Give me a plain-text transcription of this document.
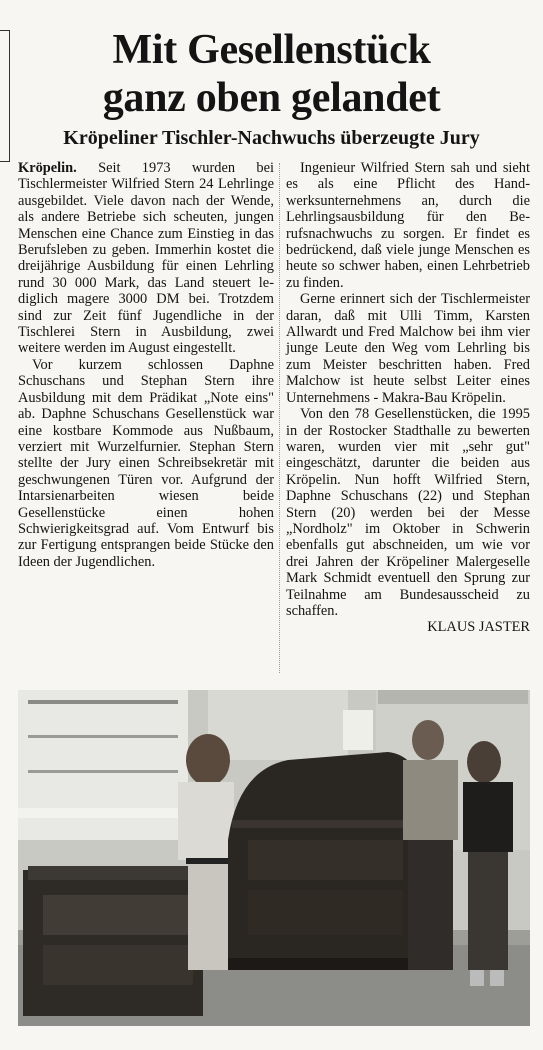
Mit Gesellenstück
ganz oben gelandet
Kröpeliner Tischler-Nachwuchs überzeugte Jury

Kröpelin. Seit 1973 wurden bei Tischlermeister Wilfried Stern 24 Lehrlinge ausgebildet. Viele davon nach der Wende, als andere Betriebe sich scheuten, jungen Menschen eine Chance zum Einstieg in das Berufsleben zu geben. Immerhin kostet die dreijährige Ausbildung für einen Lehrling rund 30 000 Mark, das Land steuert lediglich magere 3000 DM bei. Trotzdem sind zur Zeit fünf Jugendliche in der Tischlerei Stern in Ausbildung, zwei weitere werden im August eingestellt.

Vor kurzem schlossen Daphne Schuschans und Stephan Stern ihre Ausbildung mit dem Prädikat „Note eins" ab. Daphne Schuschans Gesellenstück war eine kostbare Kommode aus Nußbaum, verziert mit Wurzelfurnier. Stephan Stern stellte der Jury einen Schreibsekretär mit geschwungenen Türen vor. Aufgrund der Intarsienarbeiten wiesen beide Gesellenstücke einen hohen Schwierigkeitsgrad auf. Vom Entwurf bis zur Fertigung entsprangen beide Stücke den Ideen der Jugendlichen.

Ingenieur Wilfried Stern sah und sieht es als eine Pflicht des Handwerksunternehmens an, durch die Lehrlingsausbildung für den Berufsnachwuchs zu sorgen. Er findet es bedrückend, daß viele junge Menschen es heute so schwer haben, einen Lehrbetrieb zu finden.

Gerne erinnert sich der Tischlermeister daran, daß mit Ulli Timm, Karsten Allwardt und Fred Malchow bei ihm vier junge Leute den Weg vom Lehrling bis zum Meister beschritten haben. Fred Malchow ist heute selbst Leiter eines Unternehmens - Makra-Bau Kröpelin.

Von den 78 Gesellenstücken, die 1995 in der Rostocker Stadthalle zu bewerten waren, wurden vier mit „sehr gut" eingeschätzt, darunter die beiden aus Kröpelin. Nun hofft Wilfried Stern, Daphne Schuschans (22) und Stephan Stern (20) werden bei der Messe „Nordholz" im Oktober in Schwerin ebenfalls gut abschneiden, um wie vor drei Jahren der Kröpeliner Malergeselle Mark Schmidt eventuell den Sprung zur Teilnahme am Bundesausscheid zu schaffen.

KLAUS JASTER
